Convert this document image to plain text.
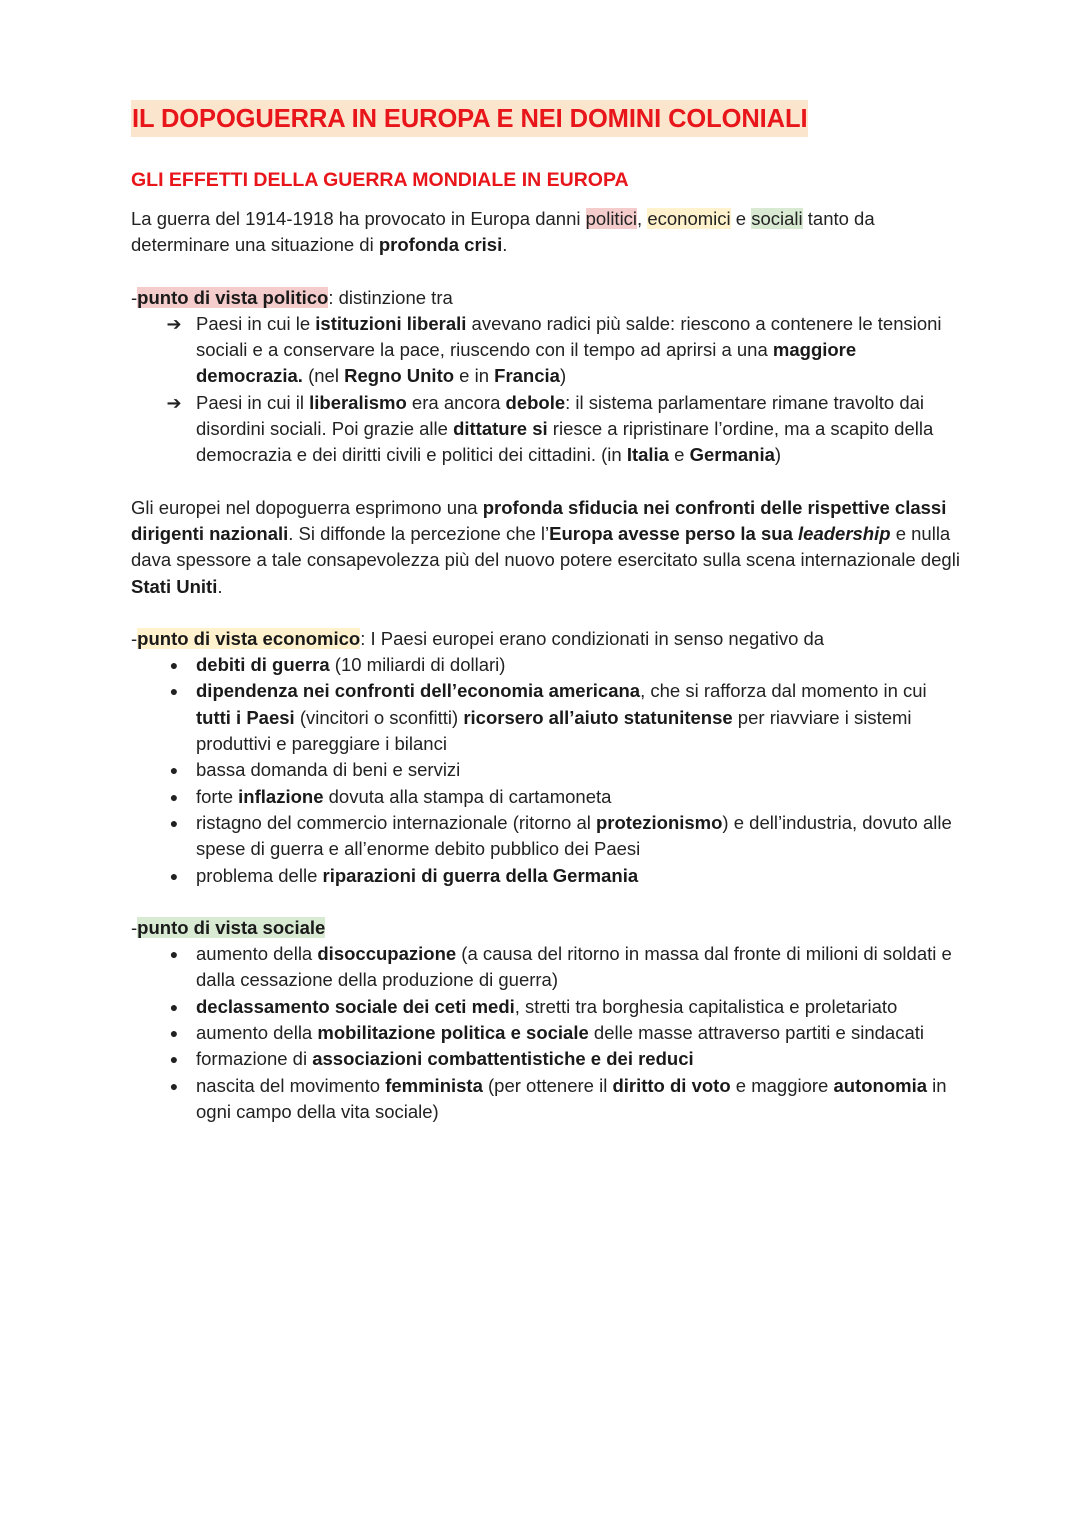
IL DOPOGUERRA IN EUROPA E NEI DOMINI COLONIALI
GLI EFFETTI DELLA GUERRA MONDIALE IN EUROPA

La guerra del 1914-1918 ha provocato in Europa danni politici, economici e sociali tanto da determinare una situazione di profonda crisi.

-punto di vista politico: distinzione tra

➔ Paesi in cui le istituzioni liberali avevano radici più salde: riescono a contenere le tensioni sociali e a conservare la pace, riuscendo con il tempo ad aprirsi a una maggiore democrazia. (nel Regno Unito e in Francia)
➔ Paesi in cui il liberalismo era ancora debole: il sistema parlamentare rimane travolto dai disordini sociali. Poi grazie alle dittature si riesce a ripristinare l’ordine, ma a scapito della democrazia e dei diritti civili e politici dei cittadini. (in Italia e Germania)

Gli europei nel dopoguerra esprimono una profonda sfiducia nei confronti delle rispettive classi dirigenti nazionali. Si diffonde la percezione che l’Europa avesse perso la sua leadership e nulla dava spessore a tale consapevolezza più del nuovo potere esercitato sulla scena internazionale degli Stati Uniti.

-punto di vista economico: I Paesi europei erano condizionati in senso negativo da

● debiti di guerra (10 miliardi di dollari)
● dipendenza nei confronti dell’economia americana, che si rafforza dal momento in cui tutti i Paesi (vincitori o sconfitti) ricorsero all’aiuto statunitense per riavviare i sistemi produttivi e pareggiare i bilanci
● bassa domanda di beni e servizi
● forte inflazione dovuta alla stampa di cartamoneta
● ristagno del commercio internazionale (ritorno al protezionismo) e dell’industria, dovuto alle spese di guerra e all’enorme debito pubblico dei Paesi
● problema delle riparazioni di guerra della Germania

-punto di vista sociale

● aumento della disoccupazione (a causa del ritorno in massa dal fronte di milioni di soldati e dalla cessazione della produzione di guerra)
● declassamento sociale dei ceti medi, stretti tra borghesia capitalistica e proletariato
● aumento della mobilitazione politica e sociale delle masse attraverso partiti e sindacati
● formazione di associazioni combattentistiche e dei reduci
● nascita del movimento femminista (per ottenere il diritto di voto e maggiore autonomia in ogni campo della vita sociale)
